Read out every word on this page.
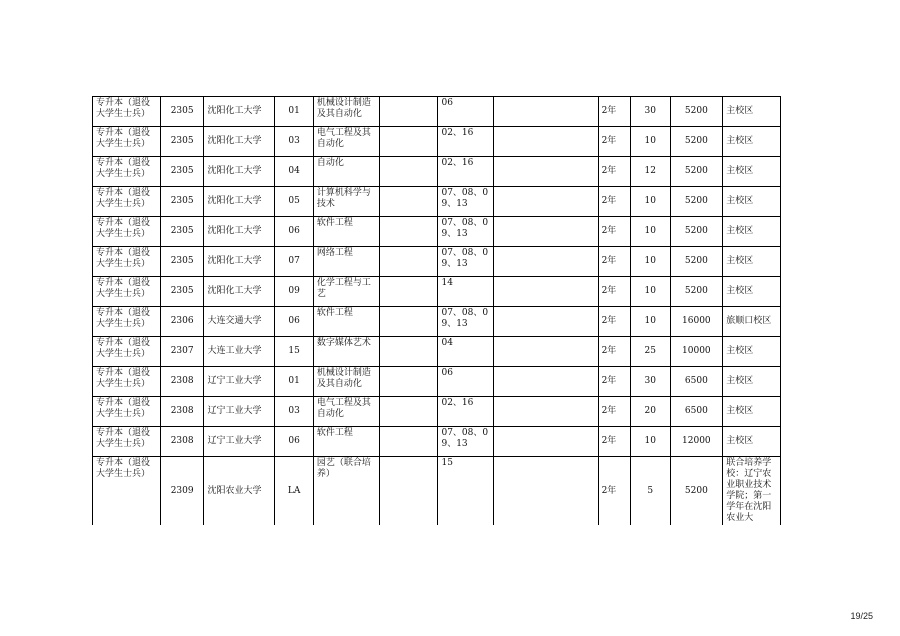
专升本（退役大学生士兵）	2305	沈阳化工大学	01	机械设计制造及其自动化		06		2年	30	5200	主校区
专升本（退役大学生士兵）	2305	沈阳化工大学	03	电气工程及其自动化		02、16		2年	10	5200	主校区
专升本（退役大学生士兵）	2305	沈阳化工大学	04	自动化		02、16		2年	12	5200	主校区
专升本（退役大学生士兵）	2305	沈阳化工大学	05	计算机科学与技术		07、08、09、13		2年	10	5200	主校区
专升本（退役大学生士兵）	2305	沈阳化工大学	06	软件工程		07、08、09、13		2年	10	5200	主校区
专升本（退役大学生士兵）	2305	沈阳化工大学	07	网络工程		07、08、09、13		2年	10	5200	主校区
专升本（退役大学生士兵）	2305	沈阳化工大学	09	化学工程与工艺		14		2年	10	5200	主校区
专升本（退役大学生士兵）	2306	大连交通大学	06	软件工程		07、08、09、13		2年	10	16000	旅顺口校区
专升本（退役大学生士兵）	2307	大连工业大学	15	数字媒体艺术		04		2年	25	10000	主校区
专升本（退役大学生士兵）	2308	辽宁工业大学	01	机械设计制造及其自动化		06		2年	30	6500	主校区
专升本（退役大学生士兵）	2308	辽宁工业大学	03	电气工程及其自动化		02、16		2年	20	6500	主校区
专升本（退役大学生士兵）	2308	辽宁工业大学	06	软件工程		07、08、09、13		2年	10	12000	主校区
专升本（退役大学生士兵）	2309	沈阳农业大学	LA	园艺（联合培养）		15		2年	5	5200	联合培养学校：辽宁农业职业技术学院；第一学年在沈阳农业大
19/25
